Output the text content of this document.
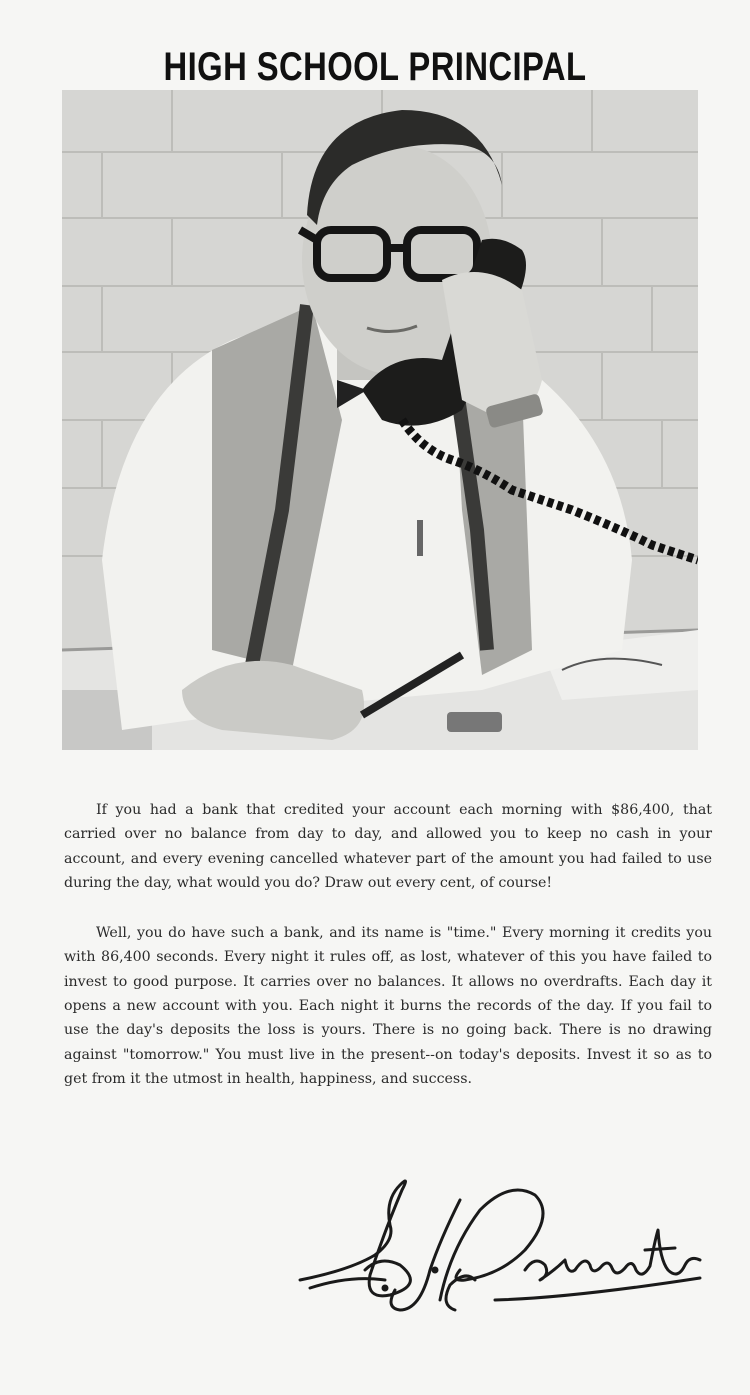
HIGH SCHOOL PRINCIPAL

If you had a bank that credited your account each morning with $86,400, that carried over no balance from day to day, and allowed you to keep no cash in your account, and every evening cancelled whatever part of the amount you had failed to use during the day, what would you do? Draw out every cent, of course!

Well, you do have such a bank, and its name is "time." Every morning it credits you with 86,400 seconds. Every night it rules off, as lost, whatever of this you have failed to invest to good purpose. It carries over no balances. It allows no overdrafts. Each day it opens a new account with you. Each night it burns the records of the day. If you fail to use the day's deposits the loss is yours. There is no going back. There is no drawing against "tomorrow." You must live in the present--on today's deposits. Invest it so as to get from it the utmost in health, happiness, and success.
